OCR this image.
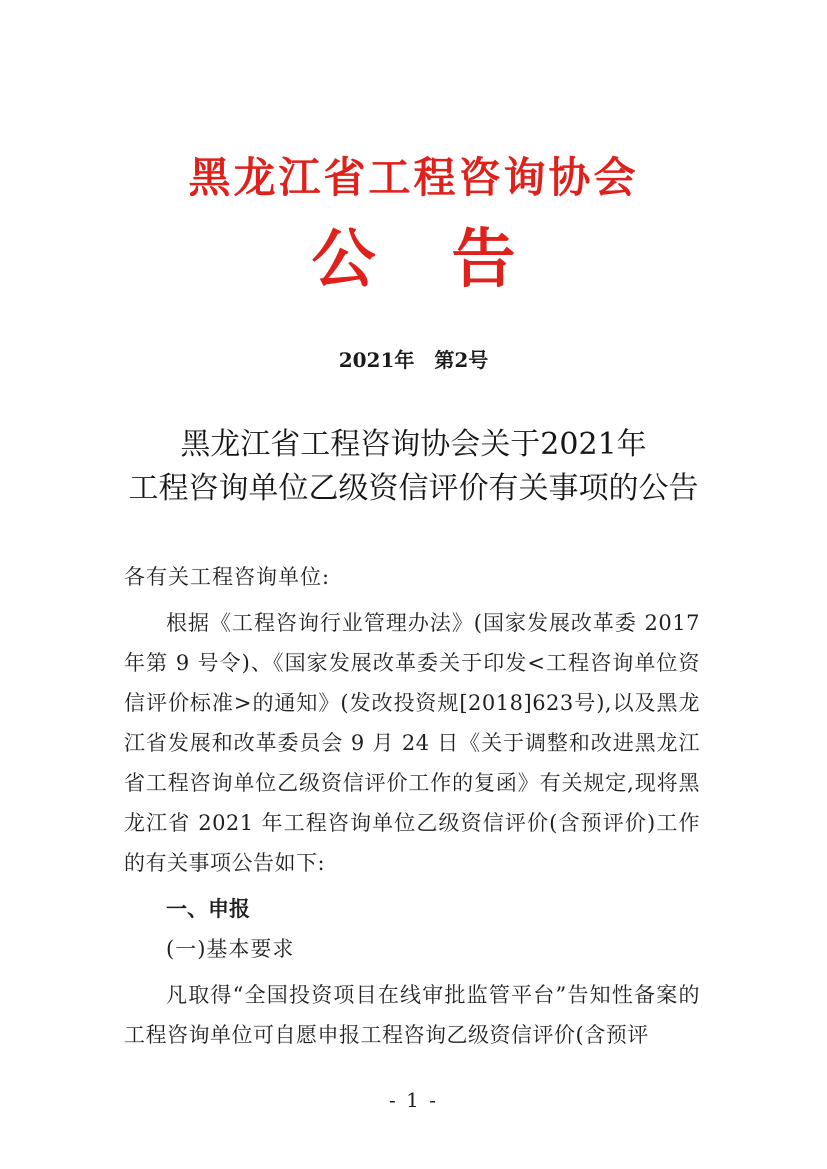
黑龙江省工程咨询协会
公 告
2021年 第2号
黑龙江省工程咨询协会关于2021年
工程咨询单位乙级资信评价有关事项的公告
各有关工程咨询单位:
根据《工程咨询行业管理办法》(国家发展改革委 2017 年第 9 号令)、《国家发展改革委关于印发<工程咨询单位资信评价标准>的通知》(发改投资规[2018]623号),以及黑龙江省发展和改革委员会 9 月 24 日《关于调整和改进黑龙江省工程咨询单位乙级资信评价工作的复函》有关规定,现将黑龙江省 2021 年工程咨询单位乙级资信评价(含预评价)工作的有关事项公告如下:
一、申报
(一)基本要求
凡取得“全国投资项目在线审批监管平台”告知性备案的工程咨询单位可自愿申报工程咨询乙级资信评价(含预评
- 1 -
